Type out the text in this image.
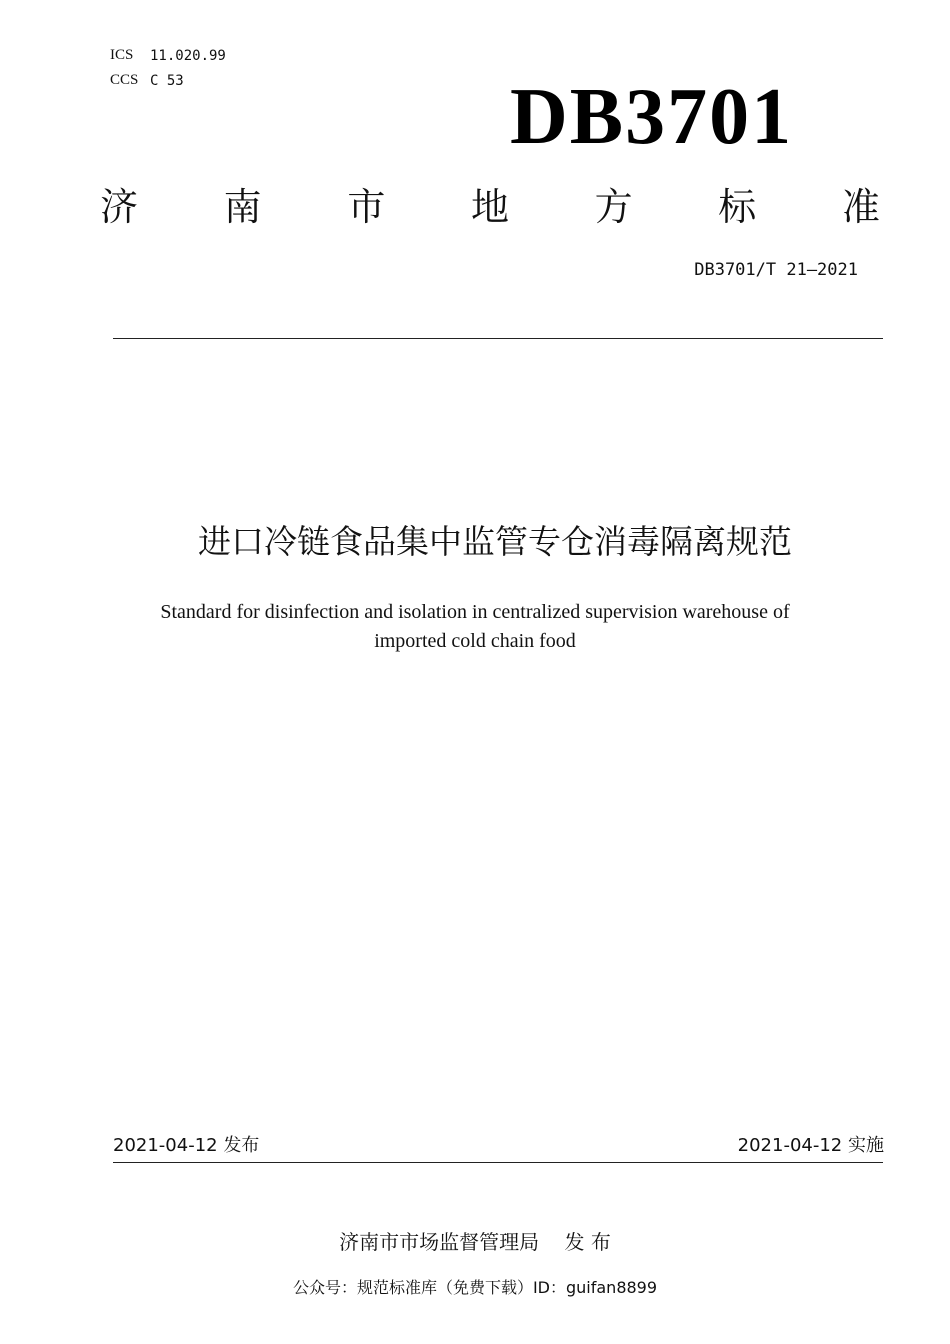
ICS 11.020.99
CCS C 53	DB3701
济 南 市 地 方 标 准
DB3701/T 21—2021
进口冷链食品集中监管专仓消毒隔离规范
Standard for disinfection and isolation in centralized supervision warehouse of
imported cold chain food
2021-04-12 发布	2021-04-12 实施
济南市市场监督管理局    发 布
公众号：规范标准库（免费下载）ID：guifan8899
